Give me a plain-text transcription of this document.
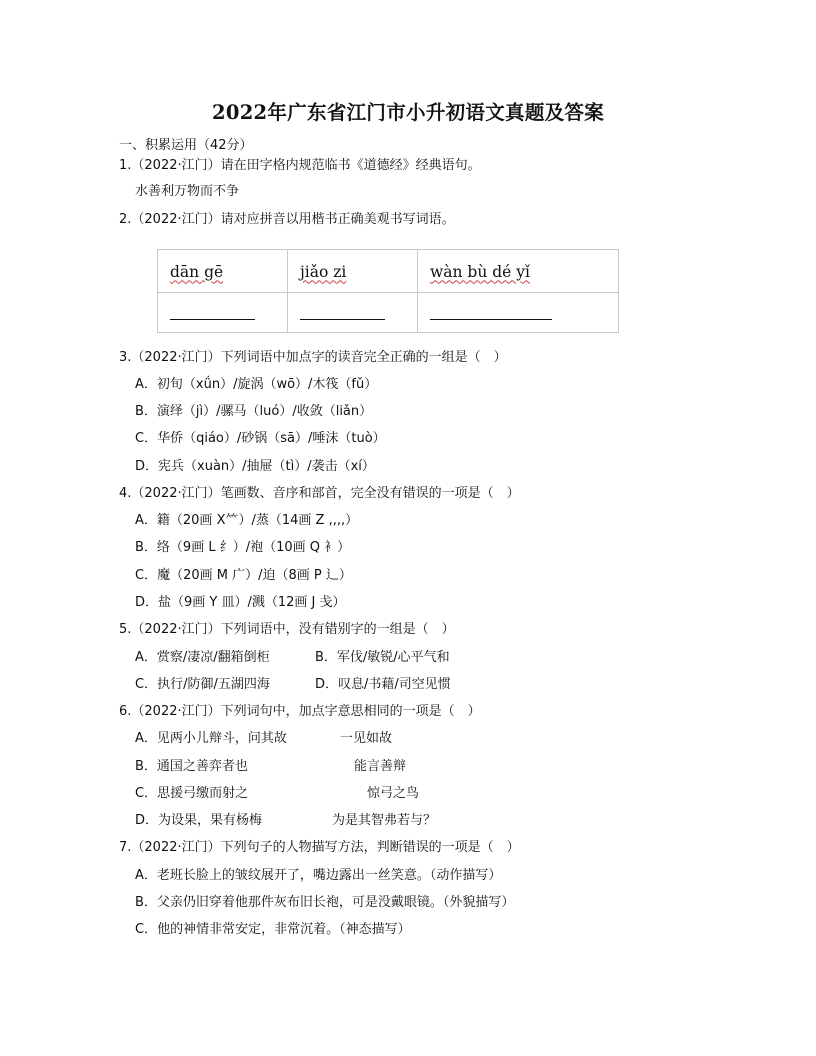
2022年广东省江门市小升初语文真题及答案
一、积累运用（42分）
1.（2022·江门）请在田字格内规范临书《道德经》经典语句。
水善利万物而不争
2.（2022·江门）请对应拼音以用楷书正确美观书写词语。
dān gē	jiǎo zi	wàn bù dé yǐ

3.（2022·江门）下列词语中加点字的读音完全正确的一组是（　）
A．初旬（xǘn）/旋涡（wō）/木筏（fǔ）
B．演绎（jì）/骡马（luó）/收敛（liǎn）
C．华侨（qiáo）/砂锅（sā）/唾沫（tuò）
D．宪兵（xuàn）/抽屉（tì）/袭击（xí）
4.（2022·江门）笔画数、音序和部首，完全没有错误的一项是（　）
A．籍（20画 X⺮）/蒸（14画 Z ,,,,）
B．络（9画 L 纟）/袍（10画 Q 衤）
C．魔（20画 M 广）/迫（8画 P 辶）
D．盐（9画 Y 皿）/溅（12画 J 戋）
5.（2022·江门）下列词语中，没有错别字的一组是（　）
A．赏察/凄凉/翻箱倒柜	B．军伐/敏锐/心平气和
C．执行/防御/五湖四海	D．叹息/书藉/司空见惯
6.（2022·江门）下列词句中，加点字意思相同的一项是（　）
A．见两小儿辩斗，问其故	一见如故
B．通国之善弈者也	能言善辩
C．思援弓缴而射之	惊弓之鸟
D．为设果，果有杨梅	为是其智弗若与？
7.（2022·江门）下列句子的人物描写方法，判断错误的一项是（　）
A．老班长脸上的皱纹展开了，嘴边露出一丝笑意。（动作描写）
B．父亲仍旧穿着他那件灰布旧长袍，可是没戴眼镜。（外貌描写）
C．他的神情非常安定，非常沉着。（神态描写）
